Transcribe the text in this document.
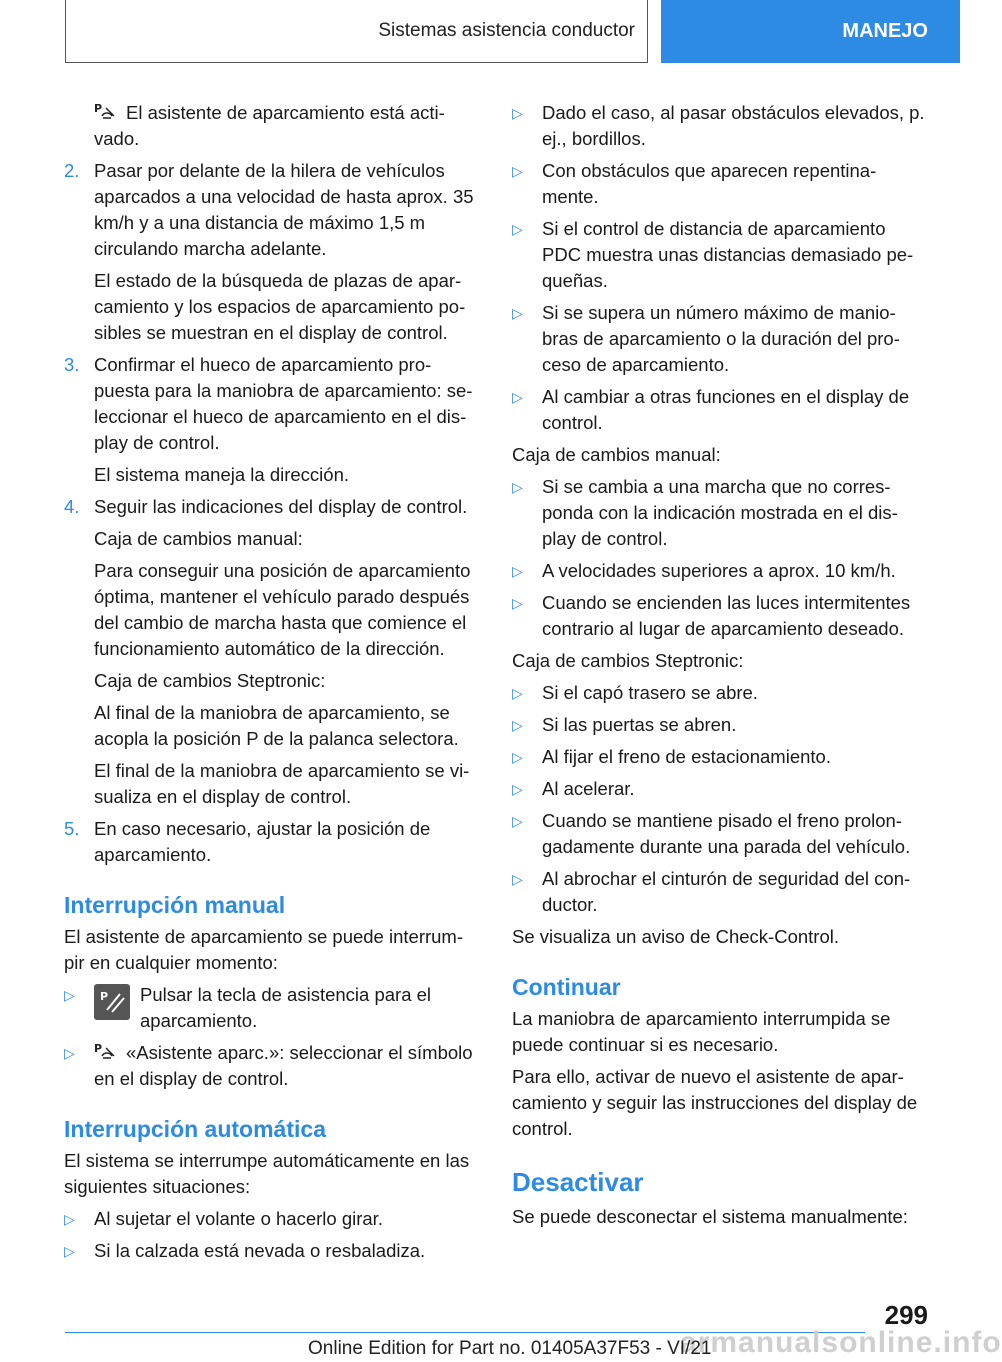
Sistemas asistencia conductor	MANEJO
P El asistente de aparcamiento está acti-vado.
2. Pasar por delante de la hilera de vehículos aparcados a una velocidad de hasta aprox. 35 km/h y a una distancia de máximo 1,5 m circulando marcha adelante.
El estado de la búsqueda de plazas de apar-camiento y los espacios de aparcamiento po-sibles se muestran en el display de control.
3. Confirmar el hueco de aparcamiento pro-puesta para la maniobra de aparcamiento: se-leccionar el hueco de aparcamiento en el dis-play de control.
El sistema maneja la dirección.
4. Seguir las indicaciones del display de control.
Caja de cambios manual:
Para conseguir una posición de aparcamiento óptima, mantener el vehículo parado después del cambio de marcha hasta que comience el funcionamiento automático de la dirección.
Caja de cambios Steptronic:
Al final de la maniobra de aparcamiento, se acopla la posición P de la palanca selectora.
El final de la maniobra de aparcamiento se vi-sualiza en el display de control.
5. En caso necesario, ajustar la posición de aparcamiento.
Interrupción manual
El asistente de aparcamiento se puede interrum-pir en cualquier momento:
▷	P Pulsar la tecla de asistencia para el aparcamiento.
▷	P «Asistente aparc.»: seleccionar el símbolo en el display de control.
Interrupción automática
El sistema se interrumpe automáticamente en las siguientes situaciones:
▷	Al sujetar el volante o hacerlo girar.
▷	Si la calzada está nevada o resbaladiza.
▷	Dado el caso, al pasar obstáculos elevados, p. ej., bordillos.
▷	Con obstáculos que aparecen repentina-mente.
▷	Si el control de distancia de aparcamiento PDC muestra unas distancias demasiado pe-queñas.
▷	Si se supera un número máximo de manio-bras de aparcamiento o la duración del pro-ceso de aparcamiento.
▷	Al cambiar a otras funciones en el display de control.
Caja de cambios manual:
▷	Si se cambia a una marcha que no corres-ponda con la indicación mostrada en el dis-play de control.
▷	A velocidades superiores a aprox. 10 km/h.
▷	Cuando se encienden las luces intermitentes contrario al lugar de aparcamiento deseado.
Caja de cambios Steptronic:
▷	Si el capó trasero se abre.
▷	Si las puertas se abren.
▷	Al fijar el freno de estacionamiento.
▷	Al acelerar.
▷	Cuando se mantiene pisado el freno prolon-gadamente durante una parada del vehículo.
▷	Al abrochar el cinturón de seguridad del con-ductor.
Se visualiza un aviso de Check-Control.
Continuar
La maniobra de aparcamiento interrumpida se puede continuar si es necesario.
Para ello, activar de nuevo el asistente de apar-camiento y seguir las instrucciones del display de control.
Desactivar
Se puede desconectar el sistema manualmente:
299
armanualsonline.info
Online Edition for Part no. 01405A37F53 - VI/21
